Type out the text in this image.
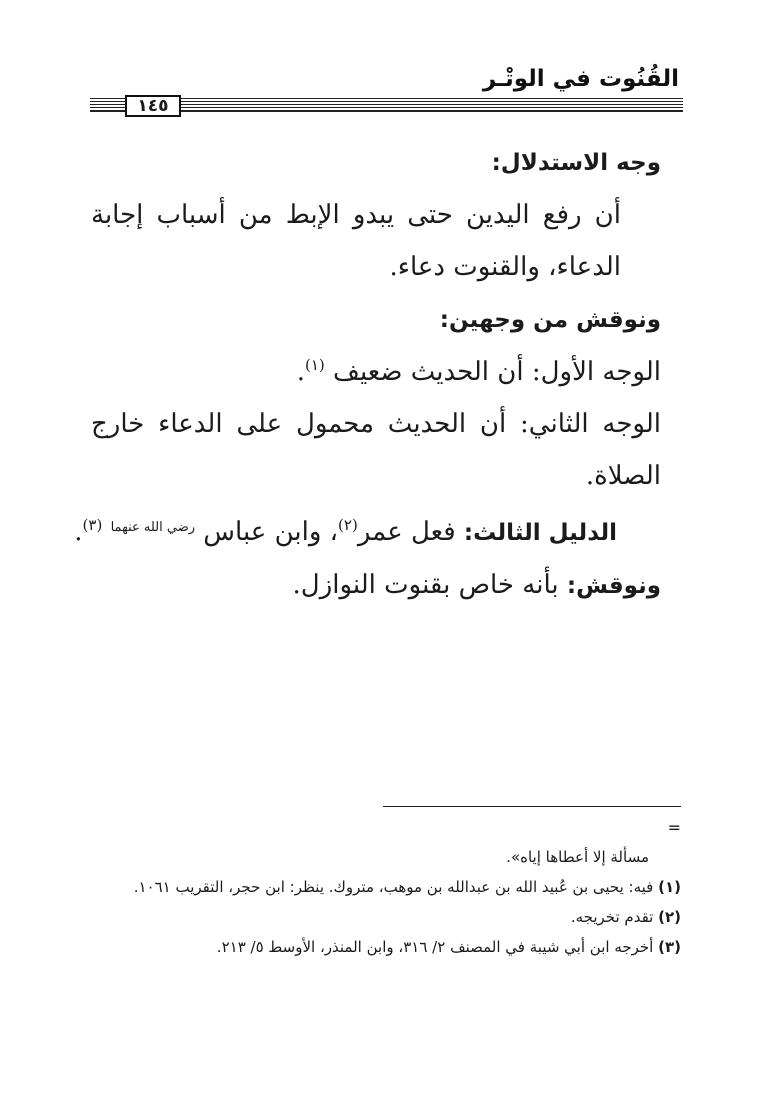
القُنُوت في الوتْـر
١٤٥

وجه الاستدلال:

أن رفع اليدين حتى يبدو الإبط من أسباب إجابة الدعاء، والقنوت دعاء.

ونوقش من وجهين:

الوجه الأول: أن الحديث ضعيف $^{(١)}$.

الوجه الثاني: أن الحديث محمول على الدعاء خارج الصلاة.

الدليل الثالث: فعل عمر$^{(٢)}$، وابن عباس $^{رضي الله عنهما}$ $^{(٣)}$.

ونوقش: بأنه خاص بقنوت النوازل.

=

مسألة إلا أعطاها إياه».

(١) فيه: يحيى بن عُبيد الله بن عبدالله بن موهب، متروك. ينظر: ابن حجر، التقريب ١٠٦١.

(٢) تقدم تخريجه.

(٣) أخرجه ابن أبي شيبة في المصنف ٢/ ٣١٦، وابن المنذر، الأوسط ٥/ ٢١٣.
